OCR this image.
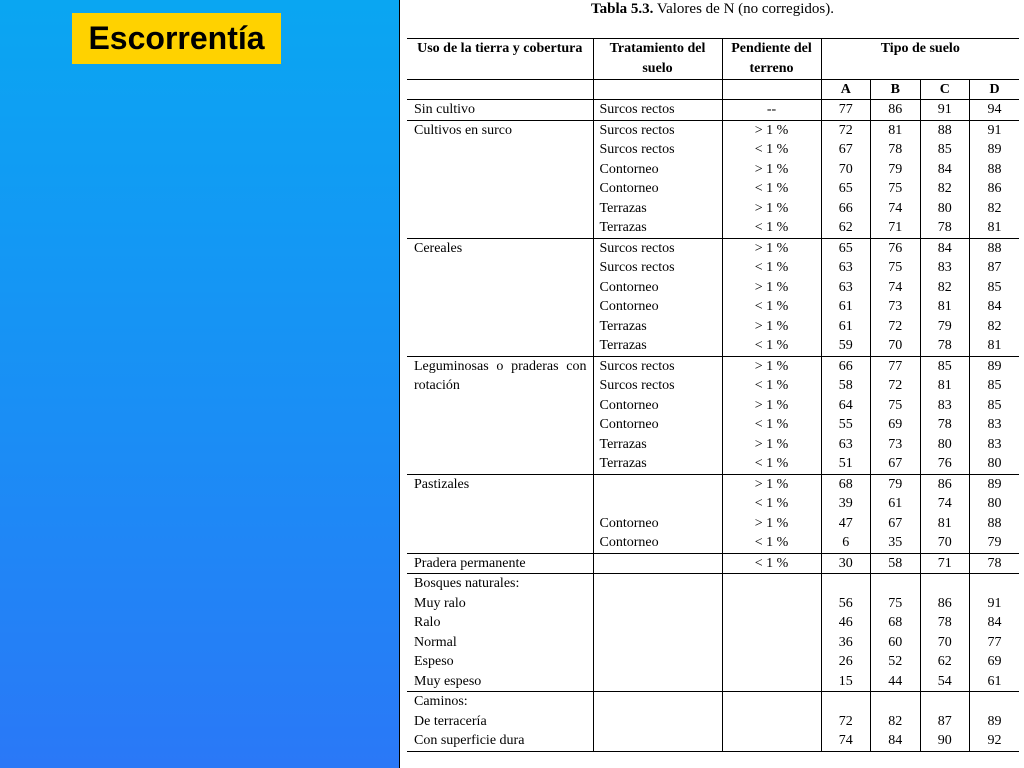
Escorrentía
Tabla 5.3. Valores de N (no corregidos).
Uso de la tierra y cobertura	Tratamiento del suelo	Pendiente del terreno	Tipo de suelo			
			A	B	C	D
Sin cultivo	Surcos rectos	--	77	86	91	94
Cultivos en surco	Surcos rectos	> 1 %	72	81	88	91
	Surcos rectos	< 1 %	67	78	85	89
	Contorneo	> 1 %	70	79	84	88
	Contorneo	< 1 %	65	75	82	86
	Terrazas	> 1 %	66	74	80	82
	Terrazas	< 1 %	62	71	78	81
Cereales	Surcos rectos	> 1 %	65	76	84	88
	Surcos rectos	< 1 %	63	75	83	87
	Contorneo	> 1 %	63	74	82	85
	Contorneo	< 1 %	61	73	81	84
	Terrazas	> 1 %	61	72	79	82
	Terrazas	< 1 %	59	70	78	81
Leguminosas o praderas con rotación	Surcos rectos	> 1 %	66	77	85	89
	Surcos rectos	< 1 %	58	72	81	85
	Contorneo	> 1 %	64	75	83	85
	Contorneo	< 1 %	55	69	78	83
	Terrazas	> 1 %	63	73	80	83
	Terrazas	< 1 %	51	67	76	80
Pastizales		> 1 %	68	79	86	89
		< 1 %	39	61	74	80
	Contorneo	> 1 %	47	67	81	88
	Contorneo	< 1 %	6	35	70	79
Pradera permanente		< 1 %	30	58	71	78
Bosques naturales:						
Muy ralo			56	75	86	91
Ralo			46	68	78	84
Normal			36	60	70	77
Espeso			26	52	62	69
Muy espeso			15	44	54	61
Caminos:						
De terracería			72	82	87	89
Con superficie dura			74	84	90	92
